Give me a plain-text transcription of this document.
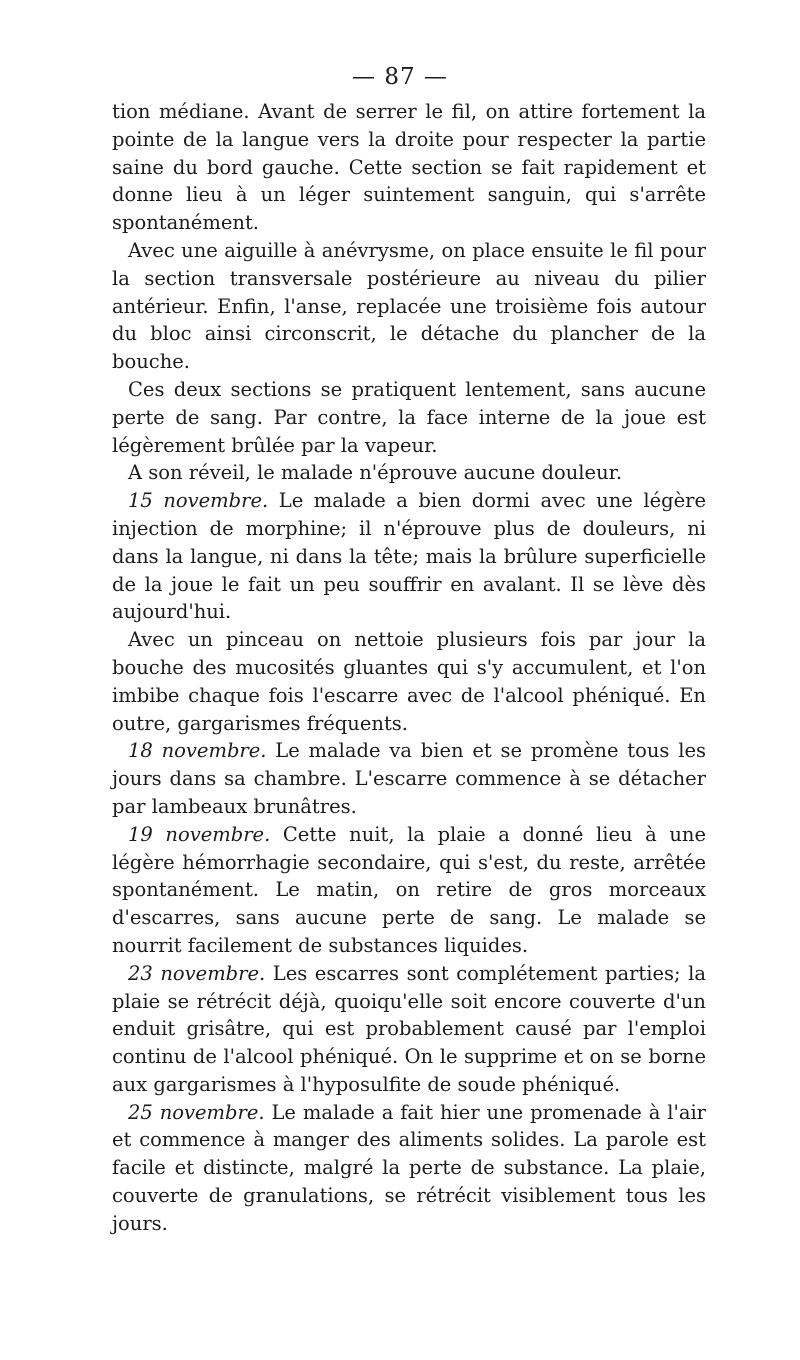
— 87 —

tion médiane. Avant de serrer le fil, on attire fortement la pointe de la langue vers la droite pour respecter la partie saine du bord gauche. Cette section se fait rapidement et donne lieu à un léger suintement sanguin, qui s'arrête spontanément.

Avec une aiguille à anévrysme, on place ensuite le fil pour la section transversale postérieure au niveau du pilier antérieur. Enfin, l'anse, replacée une troisième fois autour du bloc ainsi circonscrit, le détache du plancher de la bouche.

Ces deux sections se pratiquent lentement, sans aucune perte de sang. Par contre, la face interne de la joue est légèrement brûlée par la vapeur.

A son réveil, le malade n'éprouve aucune douleur.

15 novembre. Le malade a bien dormi avec une légère injection de morphine; il n'éprouve plus de douleurs, ni dans la langue, ni dans la tête; mais la brûlure superficielle de la joue le fait un peu souffrir en avalant. Il se lève dès aujourd'hui.

Avec un pinceau on nettoie plusieurs fois par jour la bouche des mucosités gluantes qui s'y accumulent, et l'on imbibe chaque fois l'escarre avec de l'alcool phéniqué. En outre, gargarismes fréquents.

18 novembre. Le malade va bien et se promène tous les jours dans sa chambre. L'escarre commence à se détacher par lambeaux brunâtres.

19 novembre. Cette nuit, la plaie a donné lieu à une légère hémorrhagie secondaire, qui s'est, du reste, arrêtée spontanément. Le matin, on retire de gros morceaux d'escarres, sans aucune perte de sang. Le malade se nourrit facilement de substances liquides.

23 novembre. Les escarres sont complétement parties; la plaie se rétrécit déjà, quoiqu'elle soit encore couverte d'un enduit grisâtre, qui est probablement causé par l'emploi continu de l'alcool phéniqué. On le supprime et on se borne aux gargarismes à l'hyposulfite de soude phéniqué.

25 novembre. Le malade a fait hier une promenade à l'air et commence à manger des aliments solides. La parole est facile et distincte, malgré la perte de substance. La plaie, couverte de granulations, se rétrécit visiblement tous les jours.
